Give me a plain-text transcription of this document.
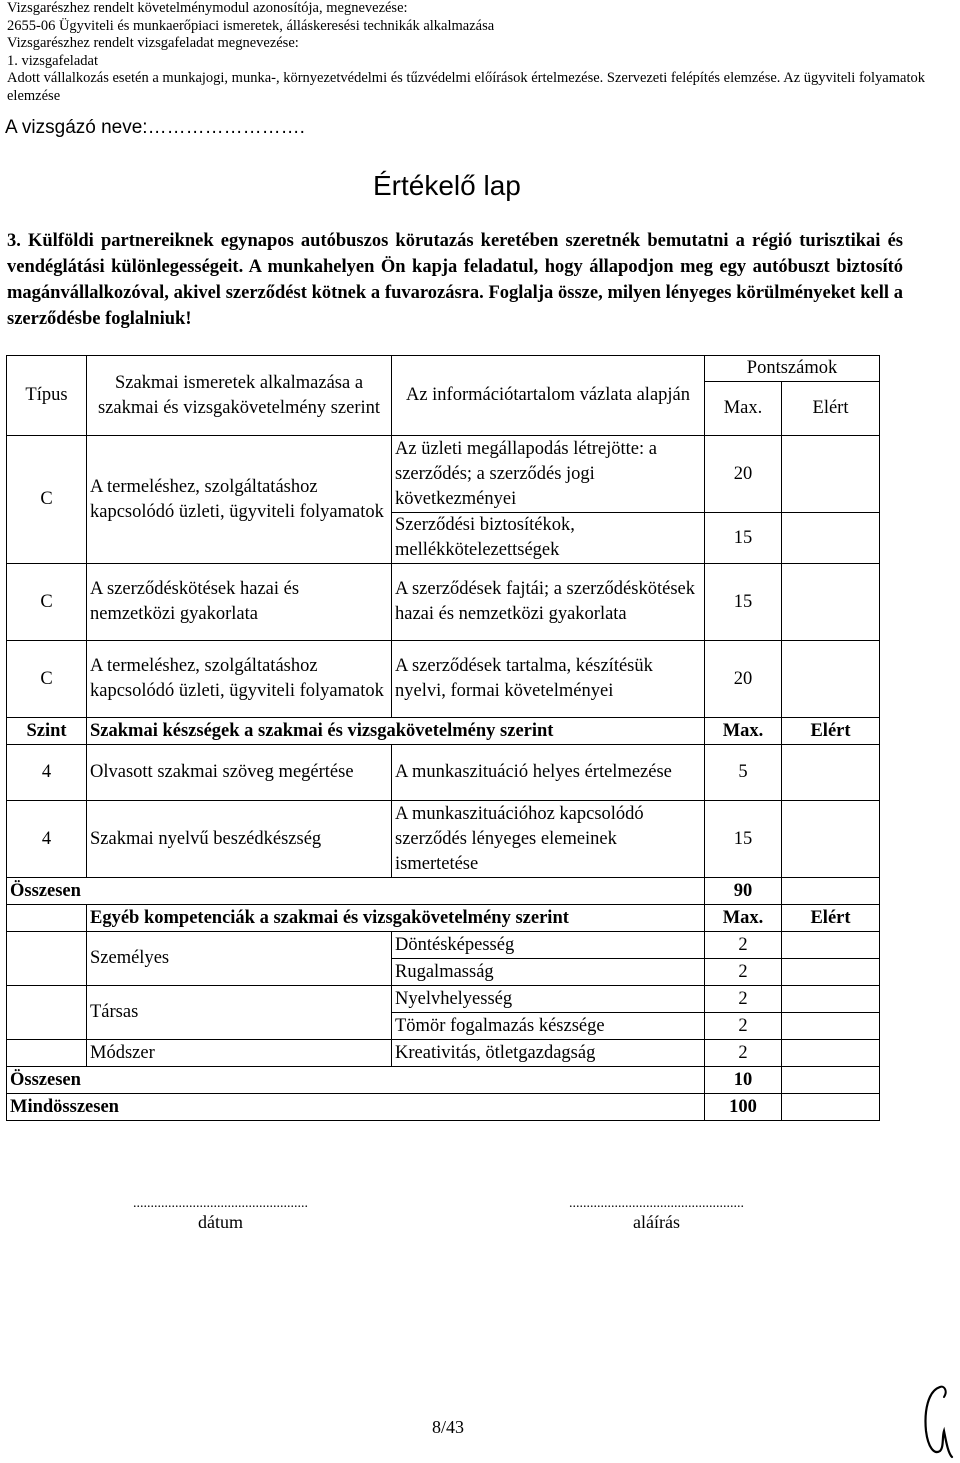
Vizsgarészhez rendelt követelménymodul azonosítója, megnevezése:
2655-06 Ügyviteli és munkaerőpiaci ismeretek, álláskeresési technikák alkalmazása
Vizsgarészhez rendelt vizsgafeladat megnevezése:
1. vizsgafeladat
Adott vállalkozás esetén a munkajogi, munka-, környezetvédelmi és tűzvédelmi előírások értelmezése. Szervezeti felépítés elemzése. Az ügyviteli folyamatok elemzése
A vizsgázó neve:…………………….
Értékelő lap
3. Külföldi partnereiknek egynapos autóbuszos körutazás keretében szeretnék bemutatni a régió turisztikai és vendéglátási különlegességeit. A munkahelyen Ön kapja feladatul, hogy állapodjon meg egy autóbuszt biztosító magánvállalkozóval, akivel szerződést kötnek a fuvarozásra. Foglalja össze, milyen lényeges körülményeket kell a szerződésbe foglalniuk!
Típus	Szakmai ismeretek alkalmazása a szakmai és vizsgakövetelmény szerint	Az információtartalom vázlata alapján	Pontszámok	
			Max.	Elért
C	A termeléshez, szolgáltatáshoz kapcsolódó üzleti, ügyviteli folyamatok	Az üzleti megállapodás létrejötte: a szerződés; a szerződés jogi következményei	20	
		Szerződési biztosítékok, mellékkötelezettségek	15	
C	A szerződéskötések hazai és nemzetközi gyakorlata	A szerződések fajtái; a szerződéskötések hazai és nemzetközi gyakorlata	15	
C	A termeléshez, szolgáltatáshoz kapcsolódó üzleti, ügyviteli folyamatok	A szerződések tartalma, készítésük nyelvi, formai követelményei	20	
Szint	Szakmai készségek a szakmai és vizsgakövetelmény szerint		Max.	Elért
4	Olvasott szakmai szöveg megértése	A munkaszituáció helyes értelmezése	5	
4	Szakmai nyelvű beszédkészség	A munkaszituációhoz kapcsolódó szerződés lényeges elemeinek ismertetése	15	
Összesen			90	
	Egyéb kompetenciák a szakmai és vizsgakövetelmény szerint		Max.	Elért
	Személyes	Döntésképesség	2	
		Rugalmasság	2	
	Társas	Nyelvhelyesség	2	
		Tömör fogalmazás készsége	2	
	Módszer	Kreativitás, ötletgazdagság	2	
Összesen			10	
Mindösszesen			100	
..................................................
dátum
..................................................
aláírás
8/43
